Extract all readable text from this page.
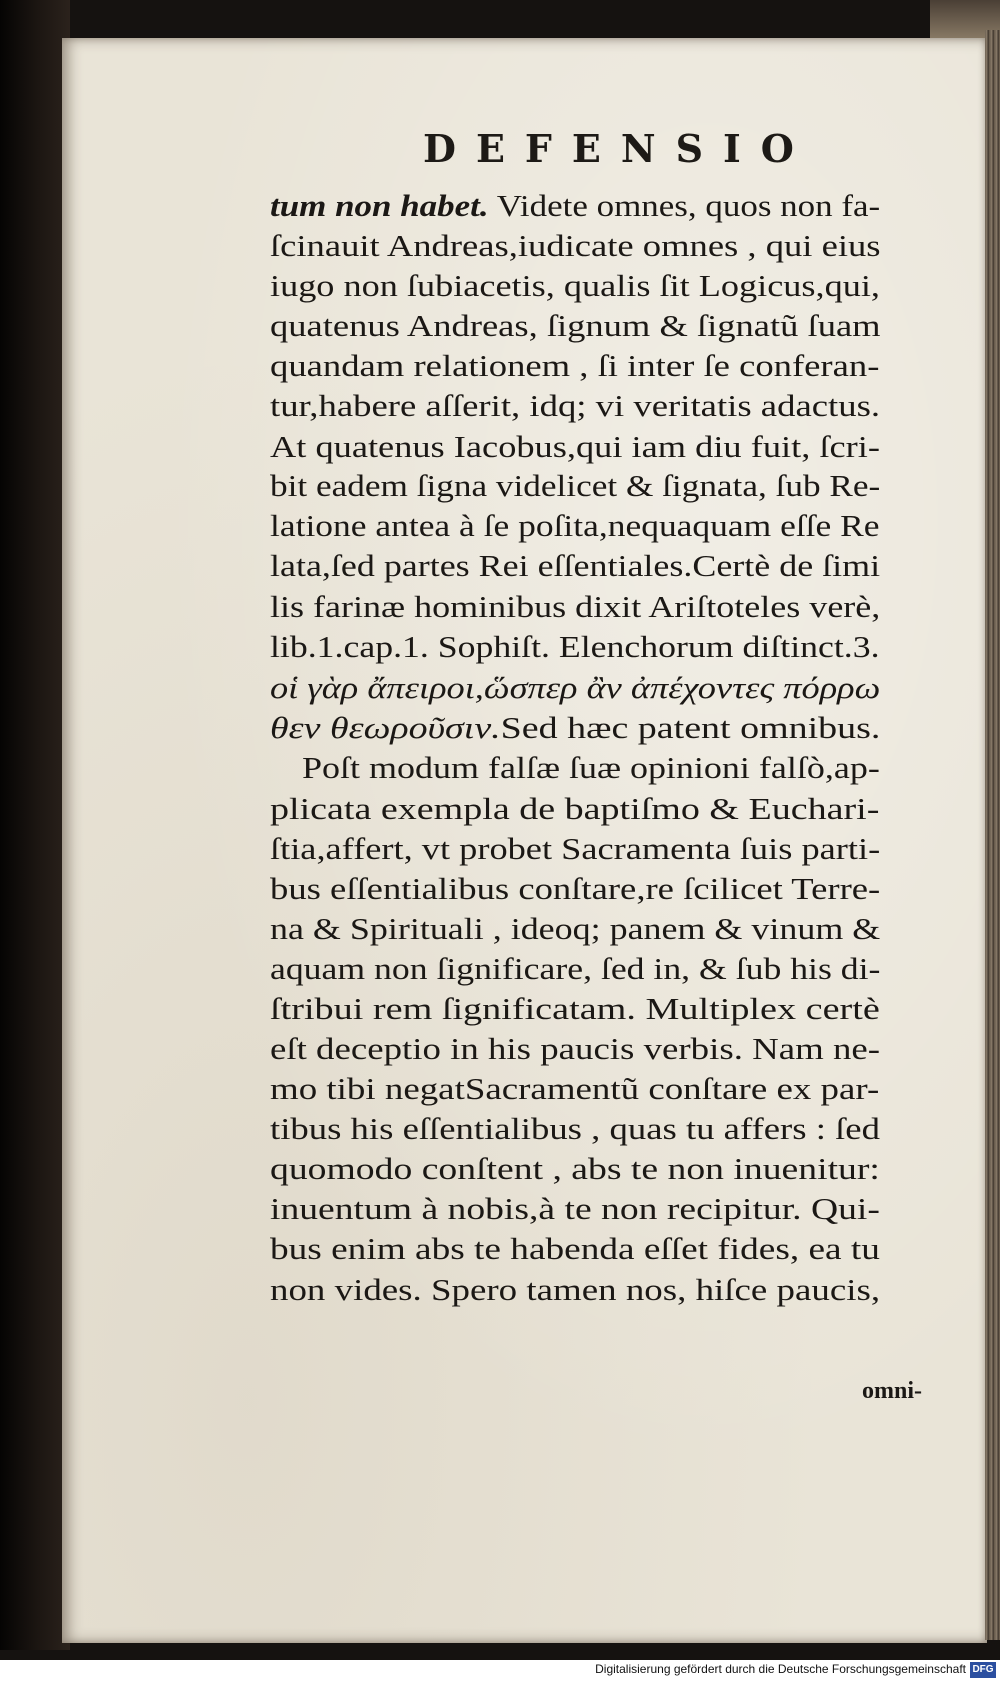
DEFENSIO
tum non habet. Videte omnes, quos non fa-
ſcinauit Andreas,iudicate omnes , qui eius
iugo non ſubiacetis, qualis ſit Logicus,qui,
quatenus Andreas, ſignum & ſignatũ ſuam
quandam relationem , ſi inter ſe conferan-
tur,habere aſſerit, idq; vi veritatis adactus.
At quatenus Iacobus,qui iam diu fuit, ſcri-
bit eadem ſigna videlicet & ſignata, ſub Re-
latione antea à ſe poſita,nequaquam eſſe Re
lata,ſed partes Rei eſſentiales.Certè de ſimi
lis farinæ hominibus dixit Ariſtoteles verè,
lib.1.cap.1. Sophiſt. Elenchorum diſtinct.3.
οἱ γὰρ ἄπειροι,ὥσπερ ἂν ἀπέχοντες πόρρω
θεν θεωροῦσιν.Sed hæc patent omnibus.
Poſt modum falſæ ſuæ opinioni falſò,ap-
plicata exempla de baptiſmo & Euchari-
ſtia,affert, vt probet Sacramenta ſuis parti-
bus eſſentialibus conſtare,re ſcilicet Terre-
na & Spirituali , ideoq; panem & vinum &
aquam non ſignificare, ſed in, & ſub his di-
ſtribui rem ſignificatam. Multiplex certè
eſt deceptio in his paucis verbis. Nam ne-
mo tibi negatSacramentũ conſtare ex par-
tibus his eſſentialibus , quas tu affers : ſed
quomodo conſtent , abs te non inuenitur:
inuentum à nobis,à te non recipitur. Qui-
bus enim abs te habenda eſſet fides, ea tu
non vides. Spero tamen nos, hiſce paucis,
omni-
Digitalisierung gefördert durch die Deutsche Forschungsgemeinschaft DFG
